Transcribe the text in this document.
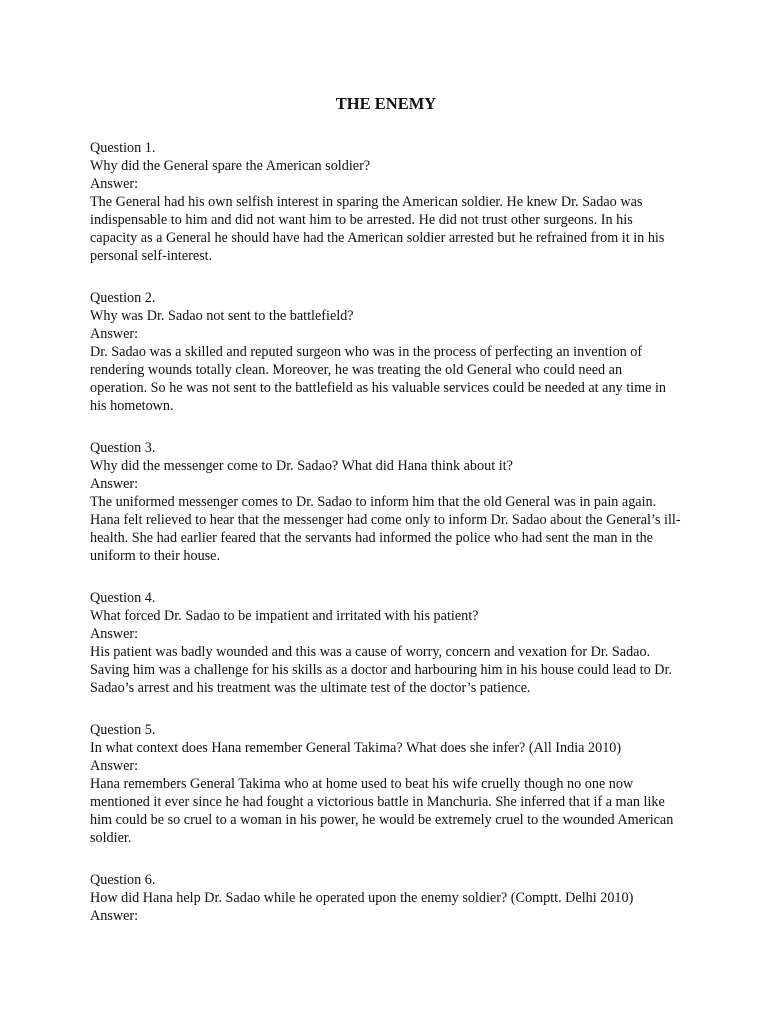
THE ENEMY
Question 1.
Why did the General spare the American soldier?
Answer:
The General had his own selfish interest in sparing the American soldier. He knew Dr. Sadao was indispensable to him and did not want him to be arrested. He did not trust other surgeons. In his capacity as a General he should have had the American soldier arrested but he refrained from it in his personal self-interest.
Question 2.
Why was Dr. Sadao not sent to the battlefield?
Answer:
Dr. Sadao was a skilled and reputed surgeon who was in the process of perfecting an invention of rendering wounds totally clean. Moreover, he was treating the old General who could need an operation. So he was not sent to the battlefield as his valuable services could be needed at any time in his hometown.
Question 3.
Why did the messenger come to Dr. Sadao? What did Hana think about it?
Answer:
The uniformed messenger comes to Dr. Sadao to inform him that the old General was in pain again. Hana felt relieved to hear that the messenger had come only to inform Dr. Sadao about the General’s ill-health. She had earlier feared that the servants had informed the police who had sent the man in the uniform to their house.
Question 4.
What forced Dr. Sadao to be impatient and irritated with his patient?
Answer:
His patient was badly wounded and this was a cause of worry, concern and vexation for Dr. Sadao. Saving him was a challenge for his skills as a doctor and harbouring him in his house could lead to Dr. Sadao’s arrest and his treatment was the ultimate test of the doctor’s patience.
Question 5.
In what context does Hana remember General Takima? What does she infer? (All India 2010)
Answer:
Hana remembers General Takima who at home used to beat his wife cruelly though no one now mentioned it ever since he had fought a victorious battle in Manchuria. She inferred that if a man like him could be so cruel to a woman in his power, he would be extremely cruel to the wounded American soldier.
Question 6.
How did Hana help Dr. Sadao while he operated upon the enemy soldier? (Comptt. Delhi 2010)
Answer:
